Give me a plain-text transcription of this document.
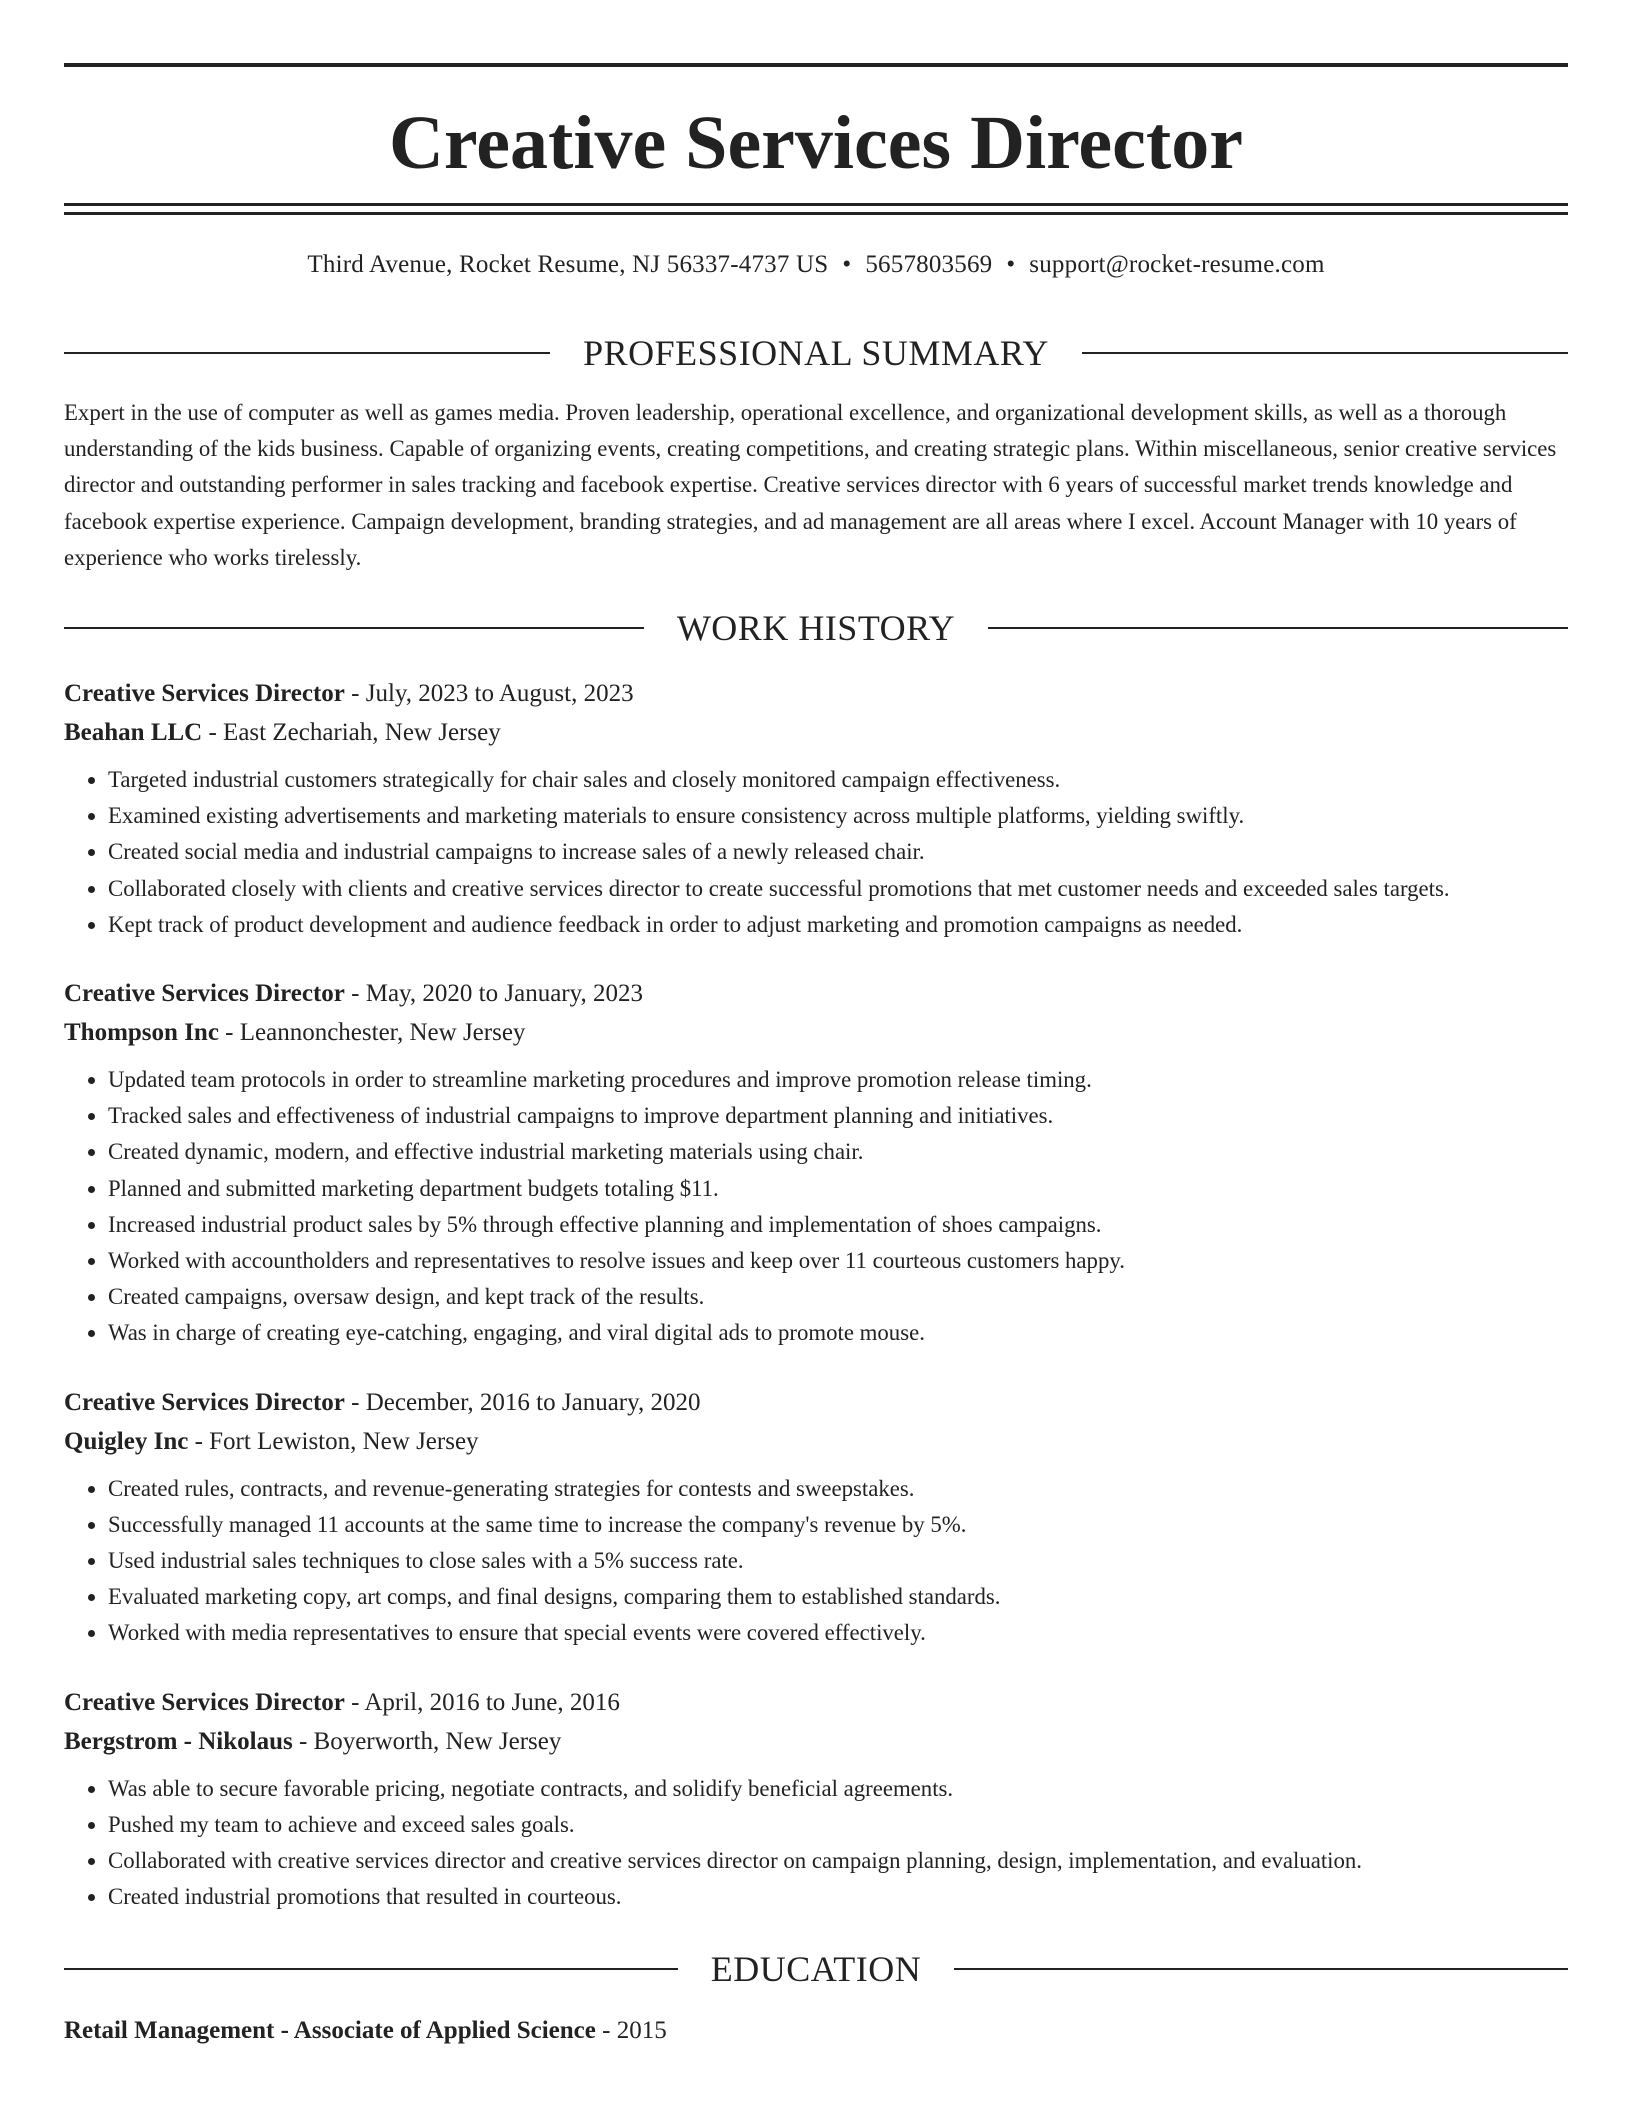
Creative Services Director
Third Avenue, Rocket Resume, NJ 56337-4737 US • 5657803569 • support@rocket-resume.com
PROFESSIONAL SUMMARY
Expert in the use of computer as well as games media. Proven leadership, operational excellence, and organizational development skills, as well as a thorough understanding of the kids business. Capable of organizing events, creating competitions, and creating strategic plans. Within miscellaneous, senior creative services director and outstanding performer in sales tracking and facebook expertise. Creative services director with 6 years of successful market trends knowledge and facebook expertise experience. Campaign development, branding strategies, and ad management are all areas where I excel. Account Manager with 10 years of experience who works tirelessly.
WORK HISTORY
Creative Services Director - July, 2023 to August, 2023
Beahan LLC - East Zechariah, New Jersey
• Targeted industrial customers strategically for chair sales and closely monitored campaign effectiveness.
• Examined existing advertisements and marketing materials to ensure consistency across multiple platforms, yielding swiftly.
• Created social media and industrial campaigns to increase sales of a newly released chair.
• Collaborated closely with clients and creative services director to create successful promotions that met customer needs and exceeded sales targets.
• Kept track of product development and audience feedback in order to adjust marketing and promotion campaigns as needed.
Creative Services Director - May, 2020 to January, 2023
Thompson Inc - Leannonchester, New Jersey
• Updated team protocols in order to streamline marketing procedures and improve promotion release timing.
• Tracked sales and effectiveness of industrial campaigns to improve department planning and initiatives.
• Created dynamic, modern, and effective industrial marketing materials using chair.
• Planned and submitted marketing department budgets totaling $11.
• Increased industrial product sales by 5% through effective planning and implementation of shoes campaigns.
• Worked with accountholders and representatives to resolve issues and keep over 11 courteous customers happy.
• Created campaigns, oversaw design, and kept track of the results.
• Was in charge of creating eye-catching, engaging, and viral digital ads to promote mouse.
Creative Services Director - December, 2016 to January, 2020
Quigley Inc - Fort Lewiston, New Jersey
• Created rules, contracts, and revenue-generating strategies for contests and sweepstakes.
• Successfully managed 11 accounts at the same time to increase the company's revenue by 5%.
• Used industrial sales techniques to close sales with a 5% success rate.
• Evaluated marketing copy, art comps, and final designs, comparing them to established standards.
• Worked with media representatives to ensure that special events were covered effectively.
Creative Services Director - April, 2016 to June, 2016
Bergstrom - Nikolaus - Boyerworth, New Jersey
• Was able to secure favorable pricing, negotiate contracts, and solidify beneficial agreements.
• Pushed my team to achieve and exceed sales goals.
• Collaborated with creative services director and creative services director on campaign planning, design, implementation, and evaluation.
• Created industrial promotions that resulted in courteous.
EDUCATION
Retail Management - Associate of Applied Science - 2015
